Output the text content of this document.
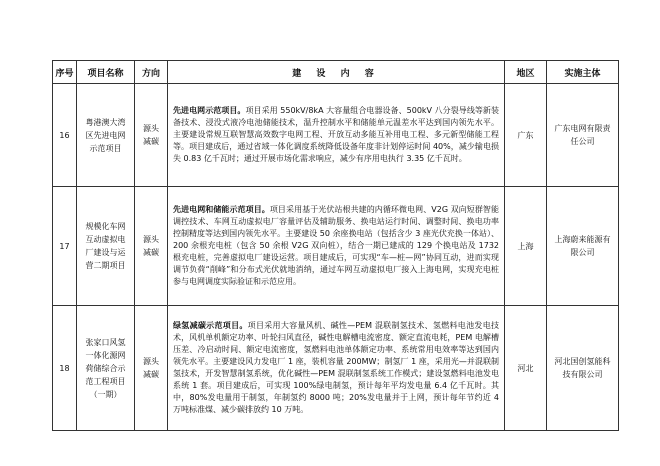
序号	项目名称	方向	建 设 内 容	地区	实施主体
16	粤港澳大湾区先进电网示范项目	源头减碳	先进电网示范项目。项目采用 550kV/8kA 大容量组合电器设备、500kV 八分裂导线等新装备技术、浸没式液冷电池储能技术，温升控制水平和储能单元温差水平达到国内领先水平。主要建设常规互联智慧高效数字电网工程、开放互动多能互补用电工程、多元新型储能工程等。项目建成后，通过省域一体化调度系统降低设备年度非计划停运时间 40%，减少输电损失 0.83 亿千瓦时；通过开展市场化需求响应，减少有序用电执行 3.35 亿千瓦时。	广东	广东电网有限责任公司
17	规模化车网互动虚拟电厂建设与运营二期项目	源头减碳	先进电网和储能示范项目。项目采用基于光伏站根共建的内循环微电网、V2G 双向短群智能调控技术、车网互动虚拟电厂容量评估及辅助服务、换电站运行时间、调整时间、换电功率控制精度等达到国内领先水平。主要建设 50 余座换电站（包括含少 3 座光伏充换一体站）、200 余根充电桩（包含 50 余根 V2G 双向桩），结合一期已建成的 129 个换电站及 1732 根充电桩，完善虚拟电厂建设运营。项目建成后，可实现“车—桩—网”协同互动，进而实现调节负荷“削峰”和分布式光伏就地消纳，通过车网互动虚拟电厂接入上海电网，实现充电桩参与电网调度实际验证和示范应用。	上海	上海蔚来能源有限公司
18	张家口风氢一体化源网荷储综合示范工程项目（一期）	源头减碳	绿氢减碳示范项目。项目采用大容量风机、碱性—PEM 混联制氢技术、氢燃料电池发电技术，风机单机额定功率、叶轮扫风直径，碱性电解槽电流密度、额定直流电耗，PEM 电解槽压差、冷启动时间、额定电流密度，氢燃料电池单体额定功率、系统常用电效率等达到国内领先水平。主要建设风力发电厂 1 座，装机容量 200MW；制氢厂 1 座，采用光—并混联制氢技术，开发智慧制氢系统，优化碱性—PEM 混联制氢系统工作模式；建设氢燃料电池发电系统 1 套。项目建成后，可实现 100%绿电制氢，预计每年平均发电量 6.4 亿千瓦时。其中，80%发电量用于制氢，年制氢约 8000 吨；20%发电量并于上网，预计每年节约近 4 万吨标准煤、减少碳排放约 10 万吨。	河北	河北国创氢能科技有限公司
